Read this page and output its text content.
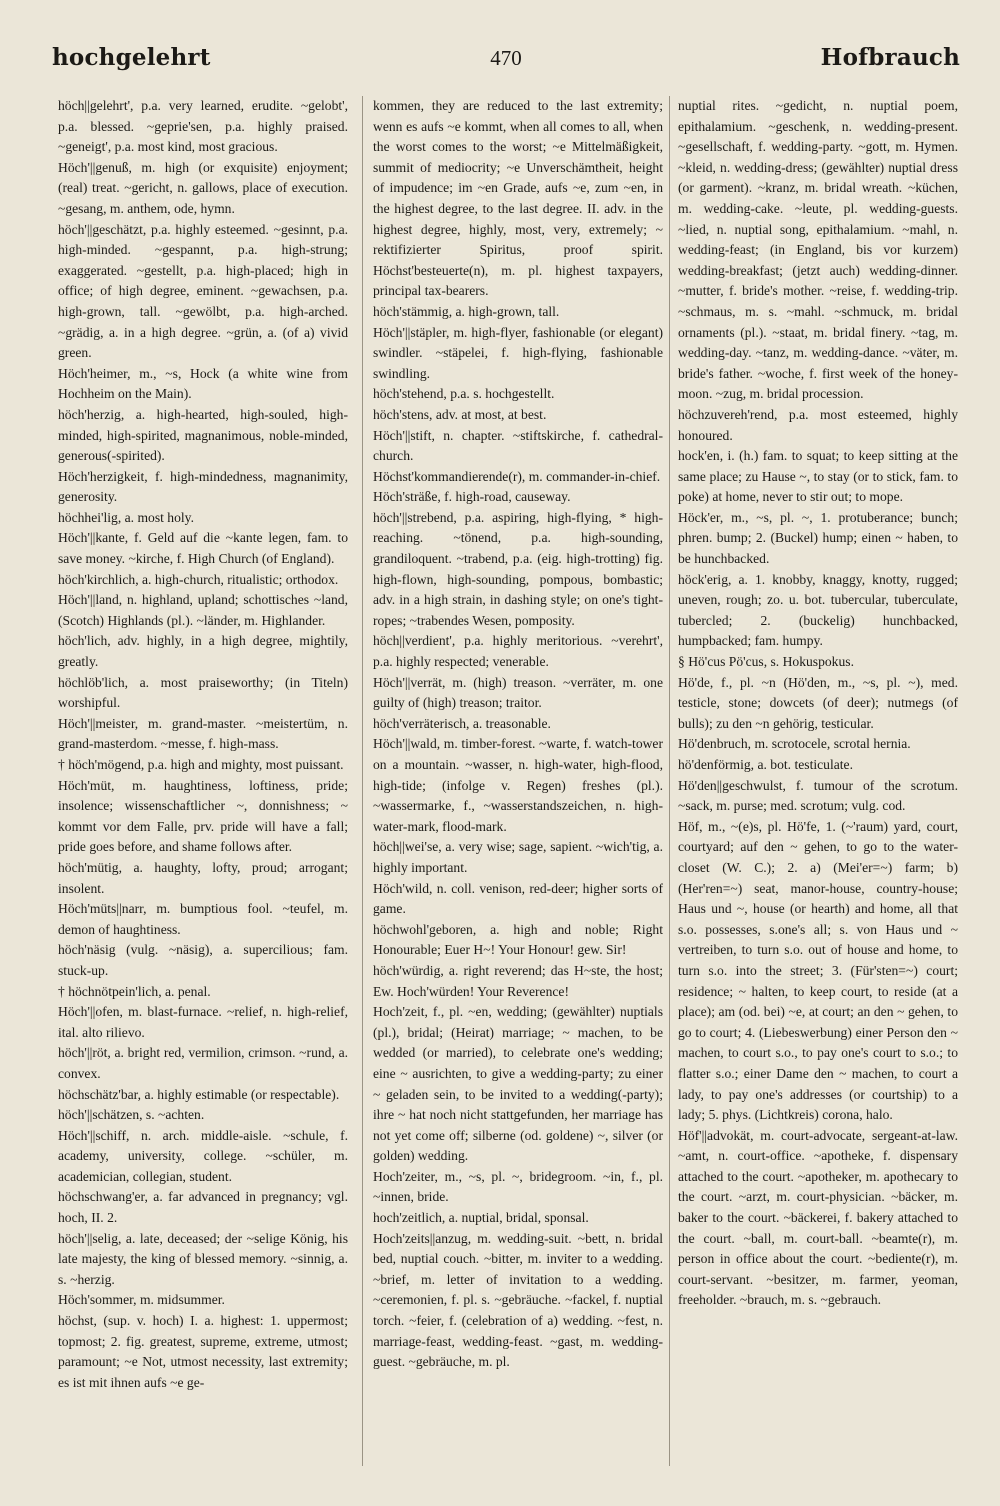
hochgelehrt	470	Hofbrauch

höch||gelehrt', p.a. very learned, erudite. ~gelobt', p.a. blessed. ~geprie'sen, p.a. highly praised. ~geneigt', p.a. most kind, most gracious.

Höch'||genuß, m. high (or exquisite) enjoyment; (real) treat. ~gericht, n. gallows, place of execution. ~gesang, m. anthem, ode, hymn.

höch'||geschätzt, p.a. highly esteemed. ~gesinnt, p.a. high-minded. ~gespannt, p.a. high-strung; exaggerated. ~gestellt, p.a. high-placed; high in office; of high degree, eminent. ~gewachsen, p.a. high-grown, tall. ~gewölbt, p.a. high-arched. ~grädig, a. in a high degree. ~grün, a. (of a) vivid green.

Höch'heimer, m., ~s, Hock (a white wine from Hochheim on the Main).

höch'herzig, a. high-hearted, high-souled, high-minded, high-spirited, magnanimous, noble-minded, generous(-spirited).

Höch'herzigkeit, f. high-mindedness, magnanimity, generosity.

höchhei'lig, a. most holy.

Höch'||kante, f. Geld auf die ~kante legen, fam. to save money. ~kirche, f. High Church (of England).

höch'kirchlich, a. high-church, ritualistic; orthodox.

Höch'||land, n. highland, upland; schottisches ~land, (Scotch) Highlands (pl.). ~länder, m. Highlander.

höch'lich, adv. highly, in a high degree, mightily, greatly.

höchlöb'lich, a. most praiseworthy; (in Titeln) worshipful.

Höch'||meister, m. grand-master. ~meistertüm, n. grand-masterdom. ~messe, f. high-mass.

† höch'mögend, p.a. high and mighty, most puissant.

Höch'müt, m. haughtiness, loftiness, pride; insolence; wissenschaftlicher ~, donnishness; ~ kommt vor dem Falle, prv. pride will have a fall; pride goes before, and shame follows after.

höch'mütig, a. haughty, lofty, proud; arrogant; insolent.

Höch'müts||narr, m. bumptious fool. ~teufel, m. demon of haughtiness.

höch'näsig (vulg. ~näsig), a. supercilious; fam. stuck-up.

† höchnötpein'lich, a. penal.

Höch'||ofen, m. blast-furnace. ~relief, n. high-relief, ital. alto rilievo.

höch'||röt, a. bright red, vermilion, crimson. ~rund, a. convex.

höchschätz'bar, a. highly estimable (or respectable).

höch'||schätzen, s. ~achten.

Höch'||schiff, n. arch. middle-aisle. ~schule, f. academy, university, college. ~schüler, m. academician, collegian, student.

höchschwang'er, a. far advanced in pregnancy; vgl. hoch, II. 2.

höch'||selig, a. late, deceased; der ~selige König, his late majesty, the king of blessed memory. ~sinnig, a. s. ~herzig.

Höch'sommer, m. midsummer.

höchst, (sup. v. hoch) I. a. highest: 1. uppermost; topmost; 2. fig. greatest, supreme, extreme, utmost; paramount; ~e Not, utmost necessity, last extremity; es ist mit ihnen aufs ~e ge-

kommen, they are reduced to the last extremity; wenn es aufs ~e kommt, when all comes to all, when the worst comes to the worst; ~e Mittelmäßigkeit, summit of mediocrity; ~e Unverschämtheit, height of impudence; im ~en Grade, aufs ~e, zum ~en, in the highest degree, to the last degree. II. adv. in the highest degree, highly, most, very, extremely; ~ rektifizierter Spiritus, proof spirit. Höchst'besteuerte(n), m. pl. highest taxpayers, principal tax-bearers.

höch'stämmig, a. high-grown, tall.

Höch'||stäpler, m. high-flyer, fashionable (or elegant) swindler. ~stäpelei, f. high-flying, fashionable swindling.

höch'stehend, p.a. s. hochgestellt.

höch'stens, adv. at most, at best.

Höch'||stift, n. chapter. ~stiftskirche, f. cathedral-church.

Höchst'kommandierende(r), m. commander-in-chief.

Höch'sträße, f. high-road, causeway.

höch'||strebend, p.a. aspiring, high-flying, * high-reaching. ~tönend, p.a. high-sounding, grandiloquent. ~trabend, p.a. (eig. high-trotting) fig. high-flown, high-sounding, pompous, bombastic; adv. in a high strain, in dashing style; on one's tight-ropes; ~trabendes Wesen, pomposity.

höch||verdient', p.a. highly meritorious. ~verehrt', p.a. highly respected; venerable.

Höch'||verrät, m. (high) treason. ~verräter, m. one guilty of (high) treason; traitor.

höch'verräterisch, a. treasonable.

Höch'||wald, m. timber-forest. ~warte, f. watch-tower on a mountain. ~wasser, n. high-water, high-flood, high-tide; (infolge v. Regen) freshes (pl.). ~wassermarke, f., ~wasserstandszeichen, n. high-water-mark, flood-mark.

höch||wei'se, a. very wise; sage, sapient. ~wich'tig, a. highly important.

Höch'wild, n. coll. venison, red-deer; higher sorts of game.

höchwohl'geboren, a. high and noble; Right Honourable; Euer H~! Your Honour! gew. Sir!

höch'würdig, a. right reverend; das H~ste, the host; Ew. Hoch'würden! Your Reverence!

Hoch'zeit, f., pl. ~en, wedding; (gewählter) nuptials (pl.), bridal; (Heirat) marriage; ~ machen, to be wedded (or married), to celebrate one's wedding; eine ~ ausrichten, to give a wedding-party; zu einer ~ geladen sein, to be invited to a wedding(-party); ihre ~ hat noch nicht stattgefunden, her marriage has not yet come off; silberne (od. goldene) ~, silver (or golden) wedding.

Hoch'zeiter, m., ~s, pl. ~, bridegroom. ~in, f., pl. ~innen, bride.

hoch'zeitlich, a. nuptial, bridal, sponsal.

Hoch'zeits||anzug, m. wedding-suit. ~bett, n. bridal bed, nuptial couch. ~bitter, m. inviter to a wedding. ~brief, m. letter of invitation to a wedding. ~ceremonien, f. pl. s. ~gebräuche. ~fackel, f. nuptial torch. ~feier, f. (celebration of a) wedding. ~fest, n. marriage-feast, wedding-feast. ~gast, m. wedding-guest. ~gebräuche, m. pl.

nuptial rites. ~gedicht, n. nuptial poem, epithalamium. ~geschenk, n. wedding-present. ~gesellschaft, f. wedding-party. ~gott, m. Hymen. ~kleid, n. wedding-dress; (gewählter) nuptial dress (or garment). ~kranz, m. bridal wreath. ~küchen, m. wedding-cake. ~leute, pl. wedding-guests. ~lied, n. nuptial song, epithalamium. ~mahl, n. wedding-feast; (in England, bis vor kurzem) wedding-breakfast; (jetzt auch) wedding-dinner. ~mutter, f. bride's mother. ~reise, f. wedding-trip. ~schmaus, m. s. ~mahl. ~schmuck, m. bridal ornaments (pl.). ~staat, m. bridal finery. ~tag, m. wedding-day. ~tanz, m. wedding-dance. ~väter, m. bride's father. ~woche, f. first week of the honey-moon. ~zug, m. bridal procession.

höchzuvereh'rend, p.a. most esteemed, highly honoured.

hock'en, i. (h.) fam. to squat; to keep sitting at the same place; zu Hause ~, to stay (or to stick, fam. to poke) at home, never to stir out; to mope.

Höck'er, m., ~s, pl. ~, 1. protuberance; bunch; phren. bump; 2. (Buckel) hump; einen ~ haben, to be hunchbacked.

höck'erig, a. 1. knobby, knaggy, knotty, rugged; uneven, rough; zo. u. bot. tubercular, tuberculate, tubercled; 2. (buckelig) hunchbacked, humpbacked; fam. humpy.

§ Hö'cus Pö'cus, s. Hokuspokus.

Hö'de, f., pl. ~n (Hö'den, m., ~s, pl. ~), med. testicle, stone; dowcets (of deer); nutmegs (of bulls); zu den ~n gehörig, testicular.

Hö'denbruch, m. scrotocele, scrotal hernia.

hö'denförmig, a. bot. testiculate.

Hö'den||geschwulst, f. tumour of the scrotum. ~sack, m. purse; med. scrotum; vulg. cod.

Höf, m., ~(e)s, pl. Hö'fe, 1. (~'raum) yard, court, courtyard; auf den ~ gehen, to go to the water-closet (W. C.); 2. a) (Mei'er=~) farm; b) (Her'ren=~) seat, manor-house, country-house; Haus und ~, house (or hearth) and home, all that s.o. possesses, s.one's all; s. von Haus und ~ vertreiben, to turn s.o. out of house and home, to turn s.o. into the street; 3. (Für'sten=~) court; residence; ~ halten, to keep court, to reside (at a place); am (od. bei) ~e, at court; an den ~ gehen, to go to court; 4. (Liebeswerbung) einer Person den ~ machen, to court s.o., to pay one's court to s.o.; to flatter s.o.; einer Dame den ~ machen, to court a lady, to pay one's addresses (or courtship) to a lady; 5. phys. (Lichtkreis) corona, halo.

Höf'||advokät, m. court-advocate, sergeant-at-law. ~amt, n. court-office. ~apotheke, f. dispensary attached to the court. ~apotheker, m. apothecary to the court. ~arzt, m. court-physician. ~bäcker, m. baker to the court. ~bäckerei, f. bakery attached to the court. ~ball, m. court-ball. ~beamte(r), m. person in office about the court. ~bediente(r), m. court-servant. ~besitzer, m. farmer, yeoman, freeholder. ~brauch, m. s. ~gebrauch.
